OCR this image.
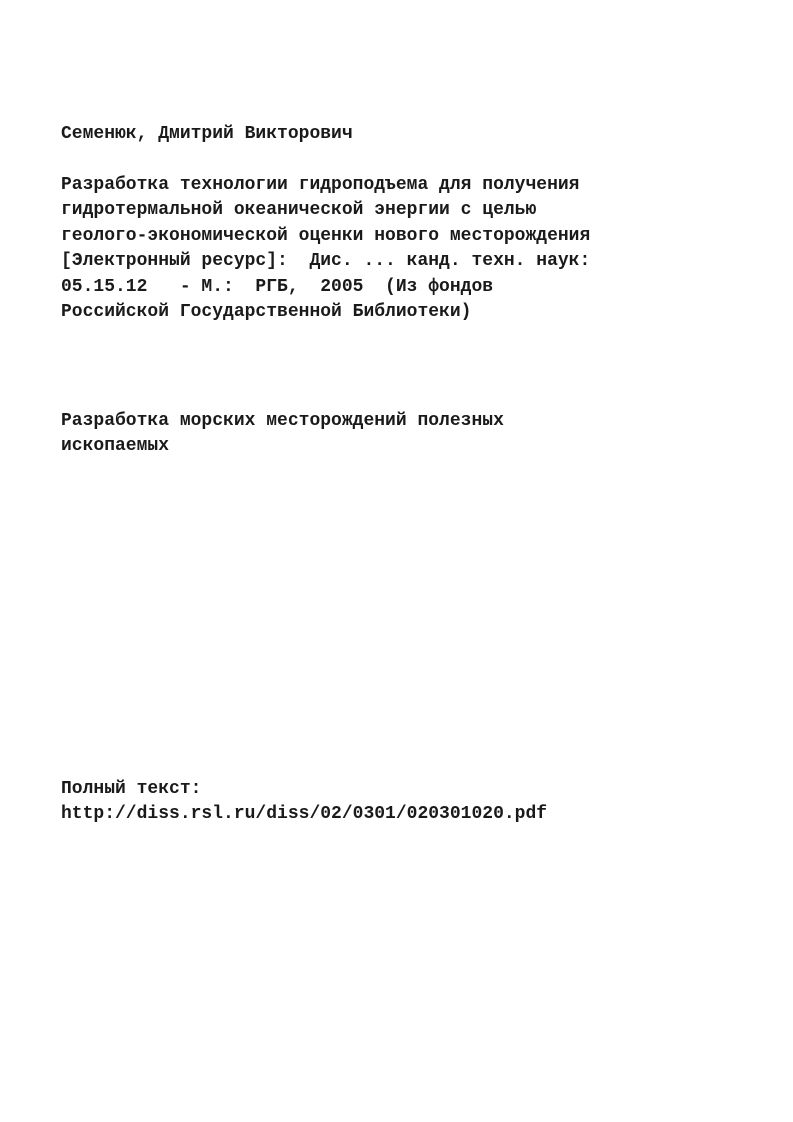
Семенюк, Дмитрий Викторович

Разработка технологии гидроподъема для получения
гидротермальной океанической энергии с целью
геолого-экономической оценки нового месторождения
[Электронный ресурс]:  Дис. ... канд. техн. наук:
05.15.12   - М.:  РГБ,  2005  (Из фондов
Российской Государственной Библиотеки)
Разработка морских месторождений полезных
ископаемых

Полный текст:

http://diss.rsl.ru/diss/02/0301/020301020.pdf
